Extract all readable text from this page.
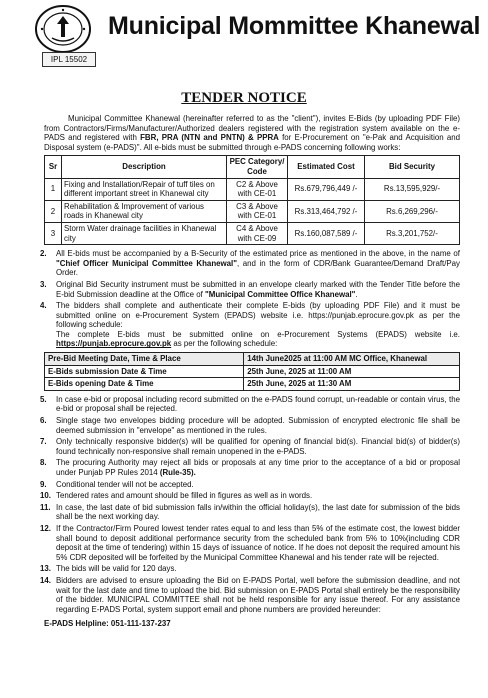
IPL 15502
Municipal Mommittee Khanewal
TENDER NOTICE

Municipal Committee Khanewal (hereinafter referred to as the "client"), invites E-Bids (by uploading PDF File) from Contractors/Firms/Manufacturer/Authorized dealers registered with the registration system available on the e-PADS and registered with FBR, PRA (NTN and PNTN) & PPRA for E-Procurement on "e-Pak and Acquisition and Disposal system (e-PADS)". All e-bids must be submitted through e-PADS concerning following works:

Sr	Description	PEC Category/ Code	Estimated Cost	Bid Security
1	Fixing and Installation/Repair of tuff tiles on different important street in Khanewal city	C2 & Above with CE-01	Rs.679,796,449 /-	Rs.13,595,929/-
2	Rehabilitation & Improvement of various roads in Khanewal city	C3 & Above with CE-01	Rs.313,464,792 /-	Rs.6,269,296/-
3	Storm Water drainage facilities in Khanewal city	C4 & Above with CE-09	Rs.160,087,589 /-	Rs.3,201,752/-
2. All E-bids must be accompanied by a B-Security of the estimated price as mentioned in the above, in the name of "Chief Officer Municipal Committee Khanewal", and in the form of CDR/Bank Guarantee/Demand Draft/Pay Order.
3. Original Bid Security instrument must be submitted in an envelope clearly marked with the Tender Title before the E-bid Submission deadline at the Office of "Municipal Committee Office Khanewal".
4. The bidders shall complete and authenticate their complete E-bids (by uploading PDF File) and it must be submitted online on e-Procurement System (EPADS) website i.e. https://punjab.eprocure.gov.pk as per the following schedule:
The complete E-bids must be submitted online on e-Procurement Systems (EPADS) website i.e. https://punjab.eprocure.gov.pk as per the following schedule:
Pre-Bid Meeting Date, Time & Place	14th June2025 at 11:00 AM MC Office, Khanewal
E-Bids submission Date & Time	25th June, 2025 at 11:00 AM
E-Bids opening Date & Time	25th June, 2025 at 11:30 AM
5. In case e-bid or proposal including record submitted on the e-PADS found corrupt, un-readable or contain virus, the e-bid or proposal shall be rejected.
6. Single stage two envelopes bidding procedure will be adopted. Submission of encrypted electronic file shall be deemed submission in "envelope" as mentioned in the rules.
7. Only technically responsive bidder(s) will be qualified for opening of financial bid(s). Financial bid(s) of bidder(s) found technically non-responsive shall remain unopened in the e-PADS.
8. The procuring Authority may reject all bids or proposals at any time prior to the acceptance of a bid or proposal under Punjab PP Rules 2014 (Rule-35).
9. Conditional tender will not be accepted.
10. Tendered rates and amount should be filled in figures as well as in words.
11. In case, the last date of bid submission falls in/within the official holiday(s), the last date for submission of the bids shall be the next working day.
12. If the Contractor/Firm Poured lowest tender rates equal to and less than 5% of the estimate cost, the lowest bidder shall bound to deposit additional performance security from the scheduled bank from 5% to 10%(including CDR deposit at the time of tendering) within 15 days of issuance of notice. If he does not deposit the required amount his 5% CDR deposited will be forfeited by the Municipal Committee Khanewal and his tender rate will be rejected.
13. The bids will be valid for 120 days.
14. Bidders are advised to ensure uploading the Bid on E-PADS Portal, well before the submission deadline, and not wait for the last date and time to upload the bid. Bid submission on E-PADS Portal shall entirely be the responsibility of the bidder. MUNICIPAL COMMITTEE shall not be held responsible for any issue thereof. For any assistance regarding E-PADS Portal, system support email and phone numbers are provided hereunder:
E-PADS Helpline: 051-111-137-237
